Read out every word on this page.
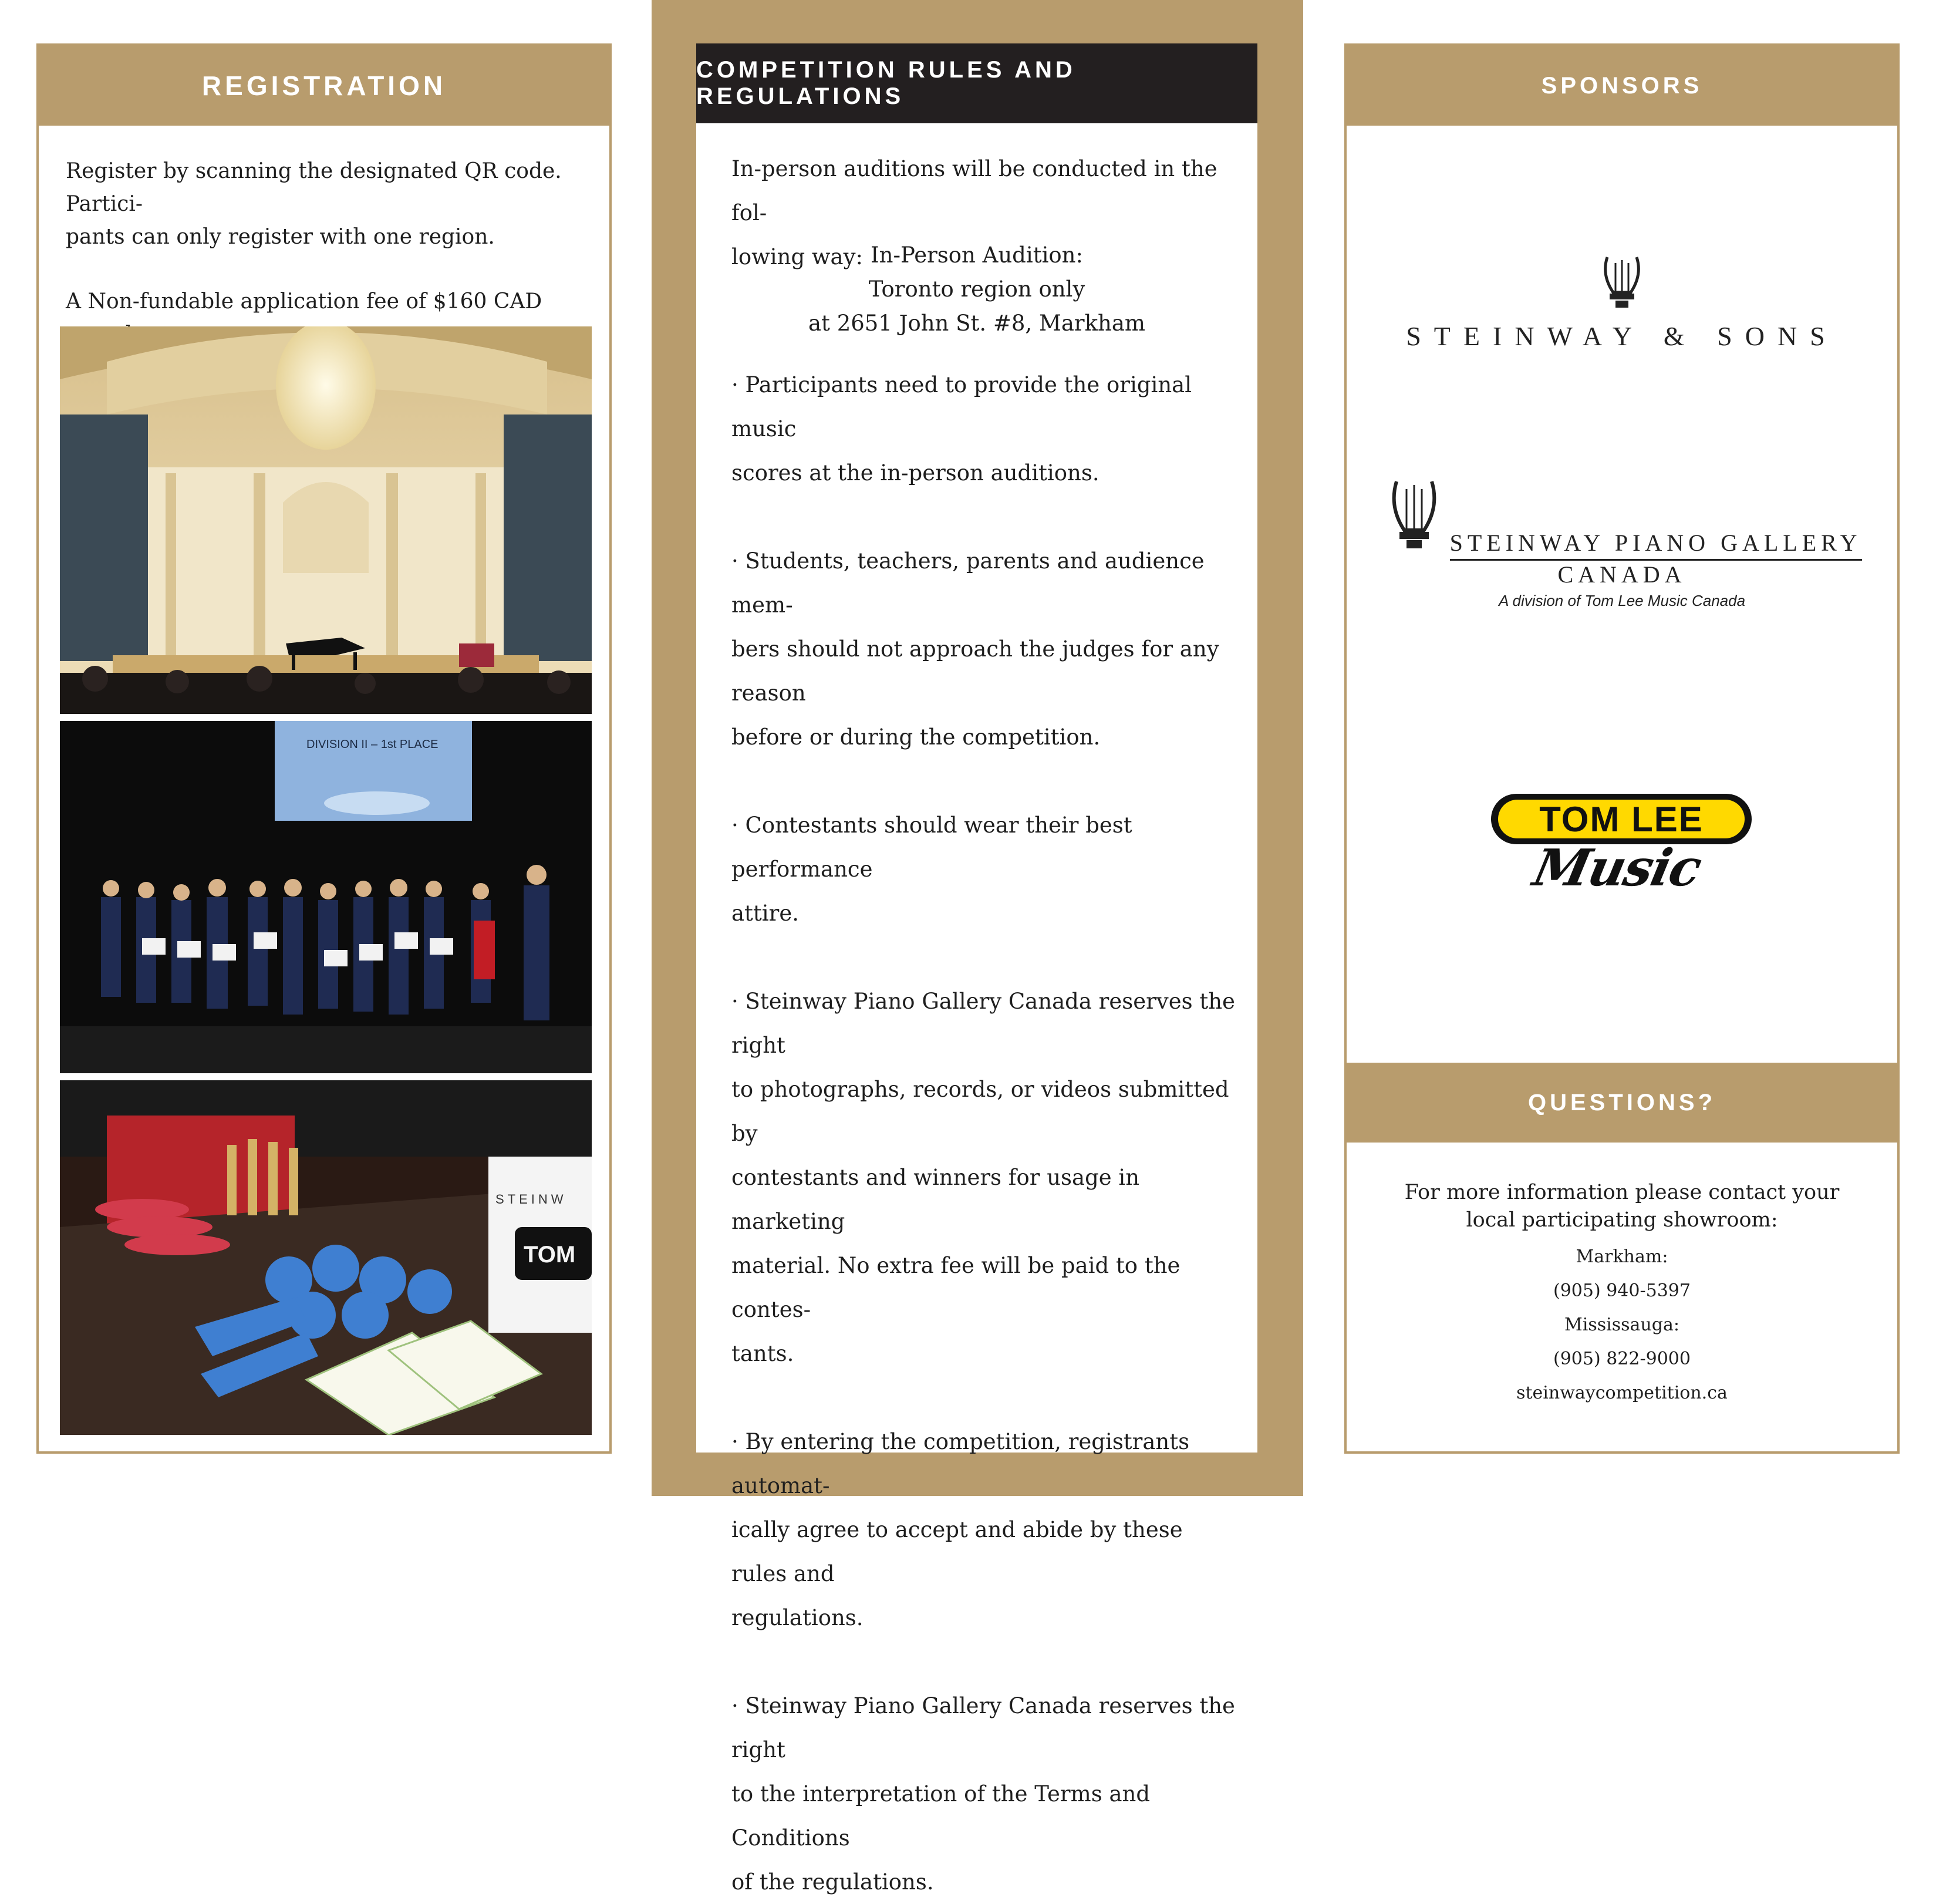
REGISTRATION
Register by scanning the designated QR code. Partici-
pants can only register with one region.
A Non-fundable application fee of $160 CAD
DIVISION II – 1st PLACE
STEINW
TOM
COMPETITION RULES AND REGULATIONS

In-person auditions will be conducted in the fol-

lowing way: In-Person Audition:

Toronto region only

at 2651 John St. #8, Markham

· Participants need to provide the original music

scores at the in-person auditions.

· Students, teachers, parents and audience mem-

bers should not approach the judges for any reason

before or during the competition.

· Contestants should wear their best performance

attire.

· Steinway Piano Gallery Canada reserves the right

to photographs, records, or videos submitted by

contestants and winners for usage in marketing

material. No extra fee will be paid to the contes-

tants.

· By entering the competition, registrants automat-

ically agree to accept and abide by these rules and

regulations.

· Steinway Piano Gallery Canada reserves the right

to the interpretation of the Terms and Conditions

of the regulations.

SPONSORS
STEINWAY & SONS
STEINWAY PIANO GALLERY
CANADA
A division of Tom Lee Music Canada
TOM LEE
Music
QUESTIONS?
For more information please contact your
local participating showroom:
Markham:
(905) 940-5397
Mississauga:
(905) 822-9000
steinwaycompetition.ca
